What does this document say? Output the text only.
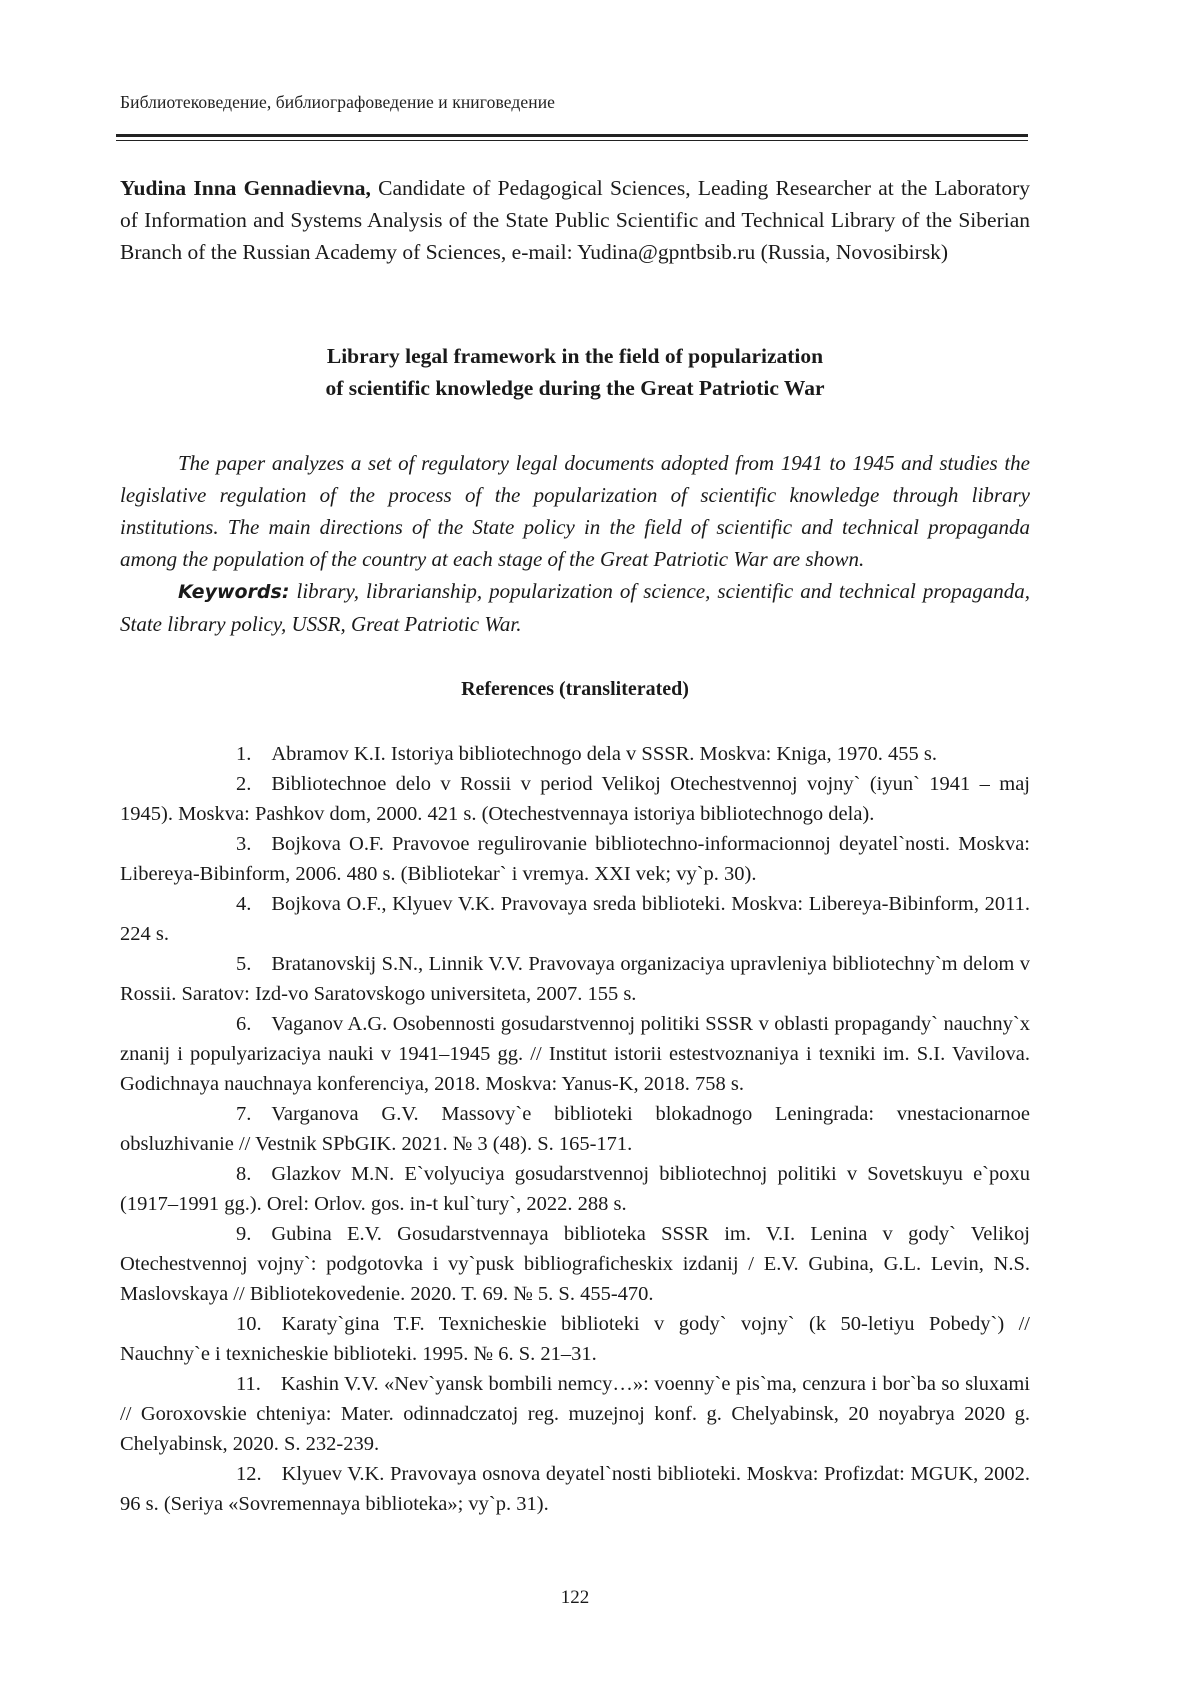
Библиотековедение, библиографоведение и книговедение
Yudina Inna Gennadievna, Candidate of Pedagogical Sciences, Leading Researcher at the Laboratory of Information and Systems Analysis of the State Public Scientific and Technical Library of the Siberian Branch of the Russian Academy of Sciences, e-mail: Yudina@gpntbsib.ru (Russia, Novosibirsk)
Library legal framework in the field of popularization
of scientific knowledge during the Great Patriotic War

The paper analyzes a set of regulatory legal documents adopted from 1941 to 1945 and studies the legislative regulation of the process of the popularization of scientific knowledge through library institutions. The main directions of the State policy in the field of scientific and technical propaganda among the population of the country at each stage of the Great Patriotic War are shown.

Keywords: library, librarianship, popularization of science, scientific and technical propaganda, State library policy, USSR, Great Patriotic War.

References (transliterated)

1. Abramov K.I. Istoriya bibliotechnogo dela v SSSR. Moskva: Kniga, 1970. 455 s.

2. Bibliotechnoe delo v Rossii v period Velikoj Otechestvennoj vojny` (iyun` 1941 – maj 1945). Moskva: Pashkov dom, 2000. 421 s. (Otechestvennaya istoriya bibliotechnogo dela).

3. Bojkova O.F. Pravovoe regulirovanie bibliotechno-informacionnoj deyatel`nosti. Moskva: Libereya-Bibinform, 2006. 480 s. (Bibliotekar` i vremya. XXI vek; vy`p. 30).

4. Bojkova O.F., Klyuev V.K. Pravovaya sreda biblioteki. Moskva: Libereya-Bibinform, 2011. 224 s.

5. Bratanovskij S.N., Linnik V.V. Pravovaya organizaciya upravleniya bibliotechny`m delom v Rossii. Saratov: Izd-vo Saratovskogo universiteta, 2007. 155 s.

6. Vaganov A.G. Osobennosti gosudarstvennoj politiki SSSR v oblasti propagandy` nauchny`x znanij i populyarizaciya nauki v 1941–1945 gg. // Institut istorii estestvoznaniya i texniki im. S.I. Vavilova. Godichnaya nauchnaya konferenciya, 2018. Moskva: Yanus-K, 2018. 758 s.

7. Varganova G.V. Massovy`e biblioteki blokadnogo Leningrada: vnestacionarnoe obsluzhivanie // Vestnik SPbGIK. 2021. № 3 (48). S. 165-171.

8. Glazkov M.N. E`volyuciya gosudarstvennoj bibliotechnoj politiki v Sovetskuyu e`poxu (1917–1991 gg.). Orel: Orlov. gos. in-t kul`tury`, 2022. 288 s.

9. Gubina E.V. Gosudarstvennaya biblioteka SSSR im. V.I. Lenina v gody` Velikoj Otechestvennoj vojny`: podgotovka i vy`pusk bibliograficheskix izdanij / E.V. Gubina, G.L. Levin, N.S. Maslovskaya // Bibliotekovedenie. 2020. T. 69. № 5. S. 455-470.

10. Karaty`gina T.F. Texnicheskie biblioteki v gody` vojny` (k 50-letiyu Pobedy`) // Nauchny`e i texnicheskie biblioteki. 1995. № 6. S. 21–31.

11. Kashin V.V. «Nev`yansk bombili nemcy…»: voenny`e pis`ma, cenzura i bor`ba so sluxami // Goroxovskie chteniya: Mater. odinnadczatoj reg. muzejnoj konf. g. Chelyabinsk, 20 noyabrya 2020 g. Chelyabinsk, 2020. S. 232-239.

12. Klyuev V.K. Pravovaya osnova deyatel`nosti biblioteki. Moskva: Profizdat: MGUK, 2002. 96 s. (Seriya «Sovremennaya biblioteka»; vy`p. 31).

122
